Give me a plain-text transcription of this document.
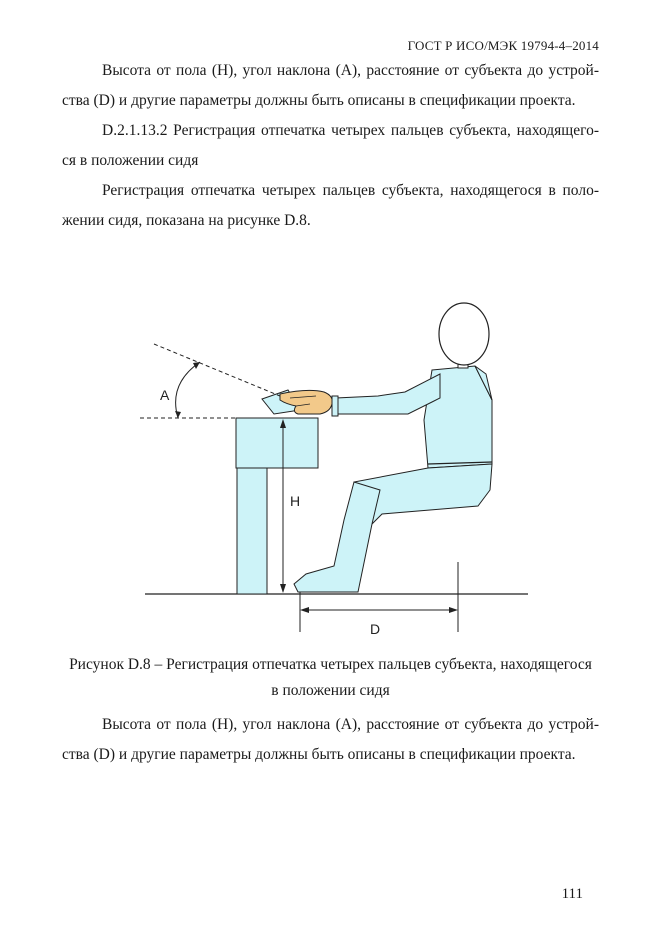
ГОСТ Р ИСО/МЭК 19794-4–2014

Высота от пола (H), угол наклона (A), расстояние от субъекта до устрой-ства (D) и другие параметры должны быть описаны в спецификации проекта.

D.2.1.13.2 Регистрация отпечатка четырех пальцев субъекта, находящего-ся в положении сидя

Регистрация отпечатка четырех пальцев субъекта, находящегося в поло-жении сидя, показана на рисунке D.8.

A
H
D
Рисунок D.8 – Регистрация отпечатка четырех пальцев субъекта, находящегося
в положении сидя

Высота от пола (H), угол наклона (A), расстояние от субъекта до устрой-ства (D) и другие параметры должны быть описаны в спецификации проекта.

111
